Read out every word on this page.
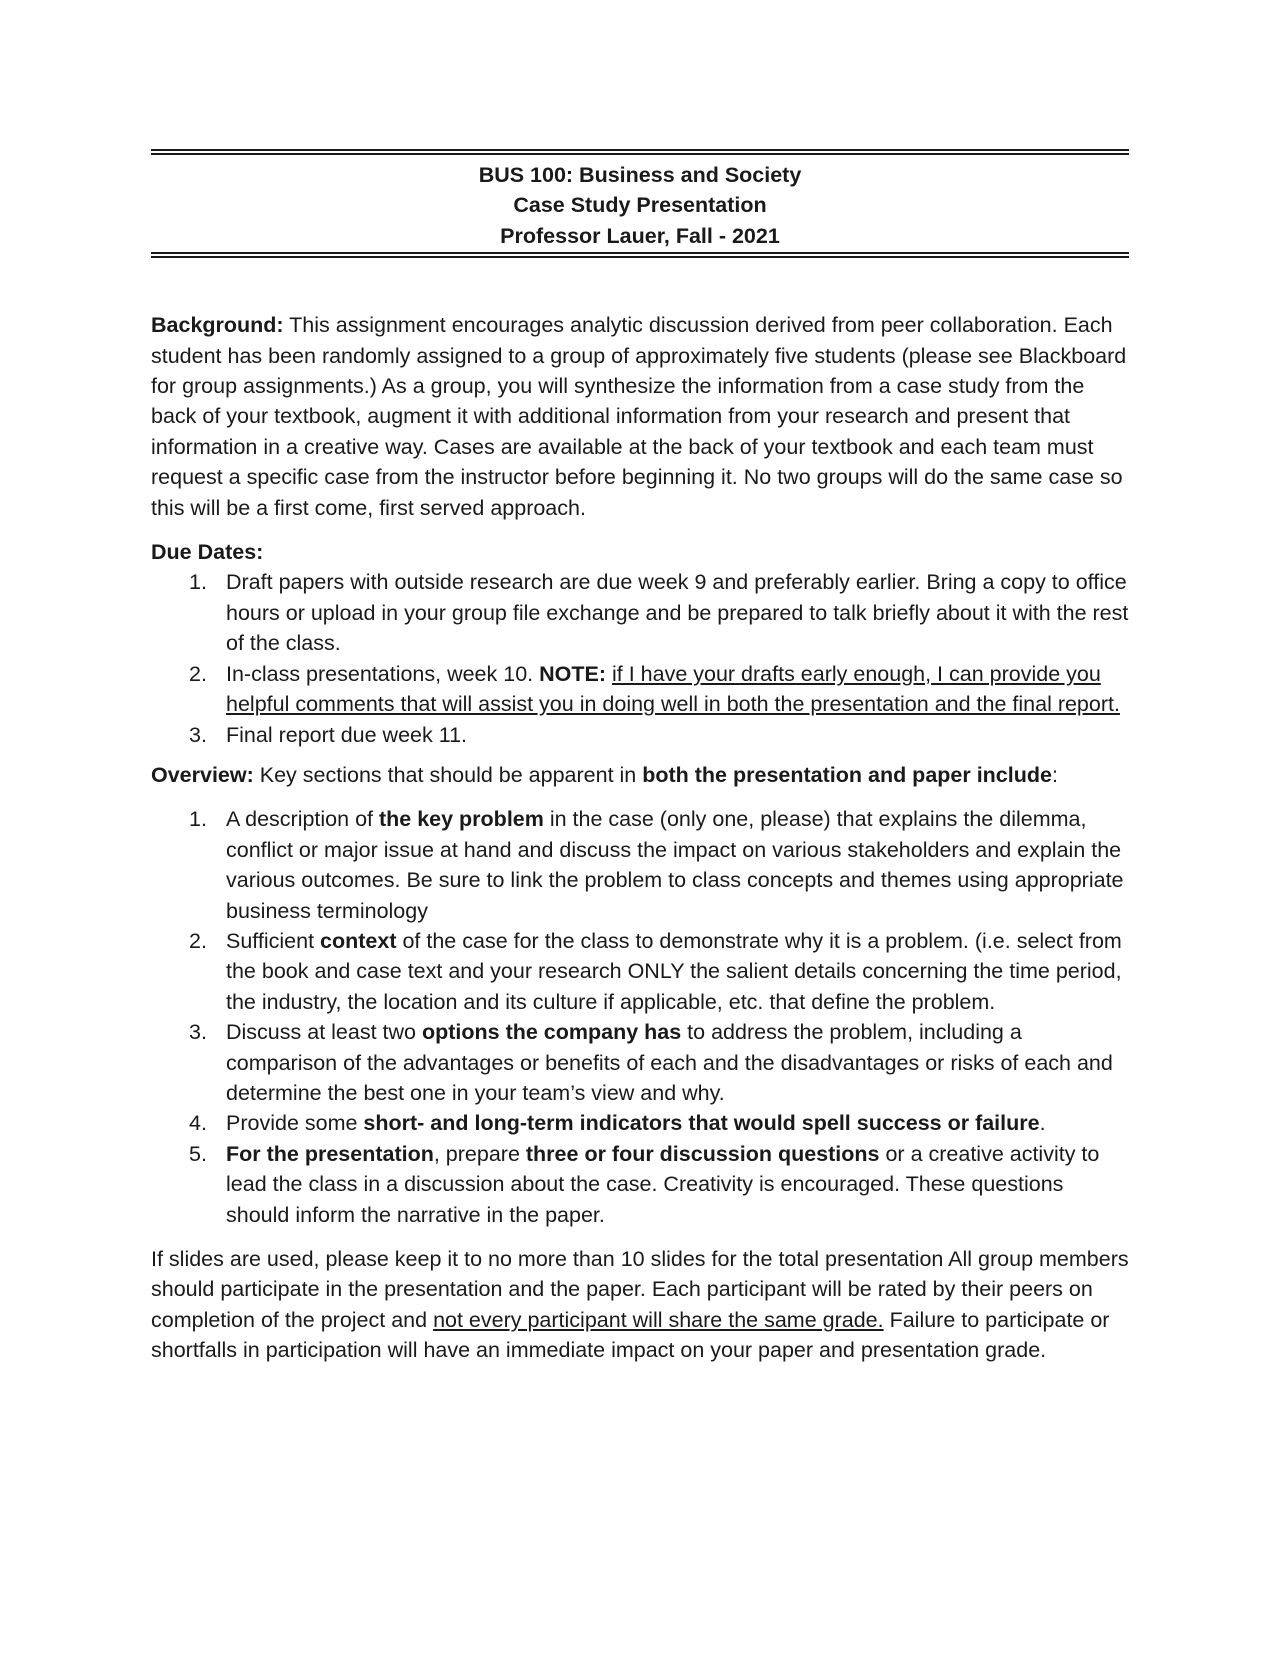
BUS 100: Business and Society
Case Study Presentation
Professor Lauer, Fall - 2021

Background: This assignment encourages analytic discussion derived from peer collaboration. Each student has been randomly assigned to a group of approximately five students (please see Blackboard for group assignments.) As a group, you will synthesize the information from a case study from the back of your textbook, augment it with additional information from your research and present that information in a creative way. Cases are available at the back of your textbook and each team must request a specific case from the instructor before beginning it. No two groups will do the same case so this will be a first come, first served approach.

Due Dates:

1. Draft papers with outside research are due week 9 and preferably earlier. Bring a copy to office hours or upload in your group file exchange and be prepared to talk briefly about it with the rest of the class.
2. In-class presentations, week 10. NOTE: if I have your drafts early enough, I can provide you helpful comments that will assist you in doing well in both the presentation and the final report.
3. Final report due week 11.

Overview: Key sections that should be apparent in both the presentation and paper include:

1. A description of the key problem in the case (only one, please) that explains the dilemma, conflict or major issue at hand and discuss the impact on various stakeholders and explain the various outcomes. Be sure to link the problem to class concepts and themes using appropriate business terminology
2. Sufficient context of the case for the class to demonstrate why it is a problem. (i.e. select from the book and case text and your research ONLY the salient details concerning the time period, the industry, the location and its culture if applicable, etc. that define the problem.
3. Discuss at least two options the company has to address the problem, including a comparison of the advantages or benefits of each and the disadvantages or risks of each and determine the best one in your team’s view and why.
4. Provide some short- and long-term indicators that would spell success or failure.
5. For the presentation, prepare three or four discussion questions or a creative activity to lead the class in a discussion about the case. Creativity is encouraged. These questions should inform the narrative in the paper.

If slides are used, please keep it to no more than 10 slides for the total presentation All group members should participate in the presentation and the paper. Each participant will be rated by their peers on completion of the project and not every participant will share the same grade. Failure to participate or shortfalls in participation will have an immediate impact on your paper and presentation grade.
